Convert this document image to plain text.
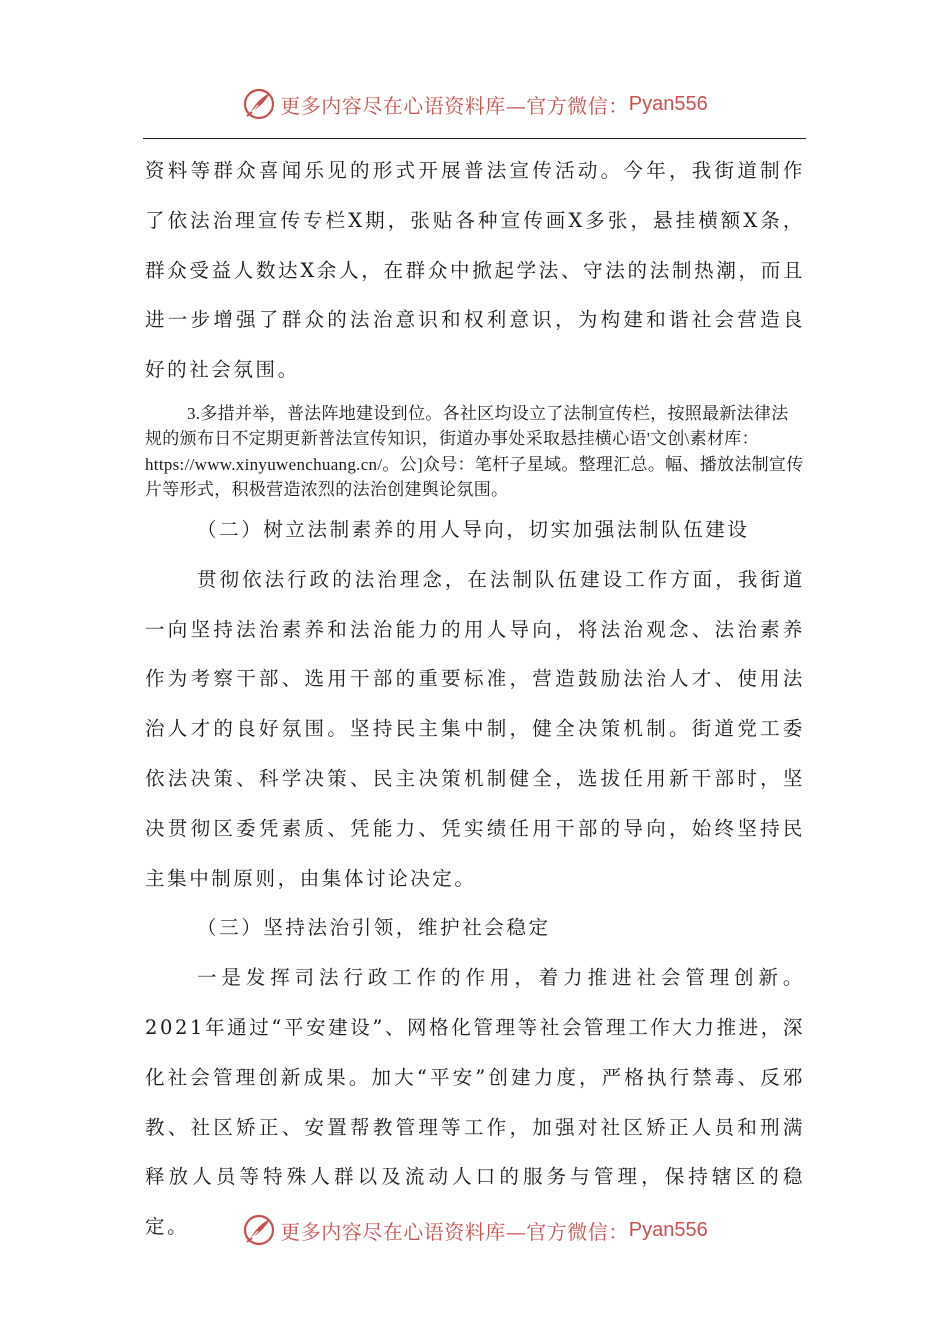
更多内容尽在心语资料库—官方微信： Pyan556

资料等群众喜闻乐见的形式开展普法宣传活动。今年，我街道制作了依法治理宣传专栏X期，张贴各种宣传画X多张，悬挂横额X条，群众受益人数达X余人，在群众中掀起学法、守法的法制热潮，而且进一步增强了群众的法治意识和权利意识，为构建和谐社会营造良好的社会氛围。

3.多措并举，普法阵地建设到位。各社区均设立了法制宣传栏，按照最新法律法规的颁布日不定期更新普法宣传知识，街道办事处采取悬挂横心语'文创\素材库：https://www.xinyuwenchuang.cn/。公]众号：笔杆子星域。整理汇总。幅、播放法制宣传片等形式，积极营造浓烈的法治创建舆论氛围。

（二）树立法制素养的用人导向，切实加强法制队伍建设

贯彻依法行政的法治理念，在法制队伍建设工作方面，我街道一向坚持法治素养和法治能力的用人导向，将法治观念、法治素养作为考察干部、选用干部的重要标准，营造鼓励法治人才、使用法治人才的良好氛围。坚持民主集中制，健全决策机制。街道党工委依法决策、科学决策、民主决策机制健全，选拔任用新干部时，坚决贯彻区委凭素质、凭能力、凭实绩任用干部的导向，始终坚持民主集中制原则，由集体讨论决定。

（三）坚持法治引领，维护社会稳定

一是发挥司法行政工作的作用，着力推进社会管理创新。2021年通过“平安建设”、网格化管理等社会管理工作大力推进，深化社会管理创新成果。加大“平安”创建力度，严格执行禁毒、反邪教、社区矫正、安置帮教管理等工作，加强对社区矫正人员和刑满释放人员等特殊人群以及流动人口的服务与管理，保持辖区的稳定。	更多内容尽在心语资料库—官方微信： Pyan556
